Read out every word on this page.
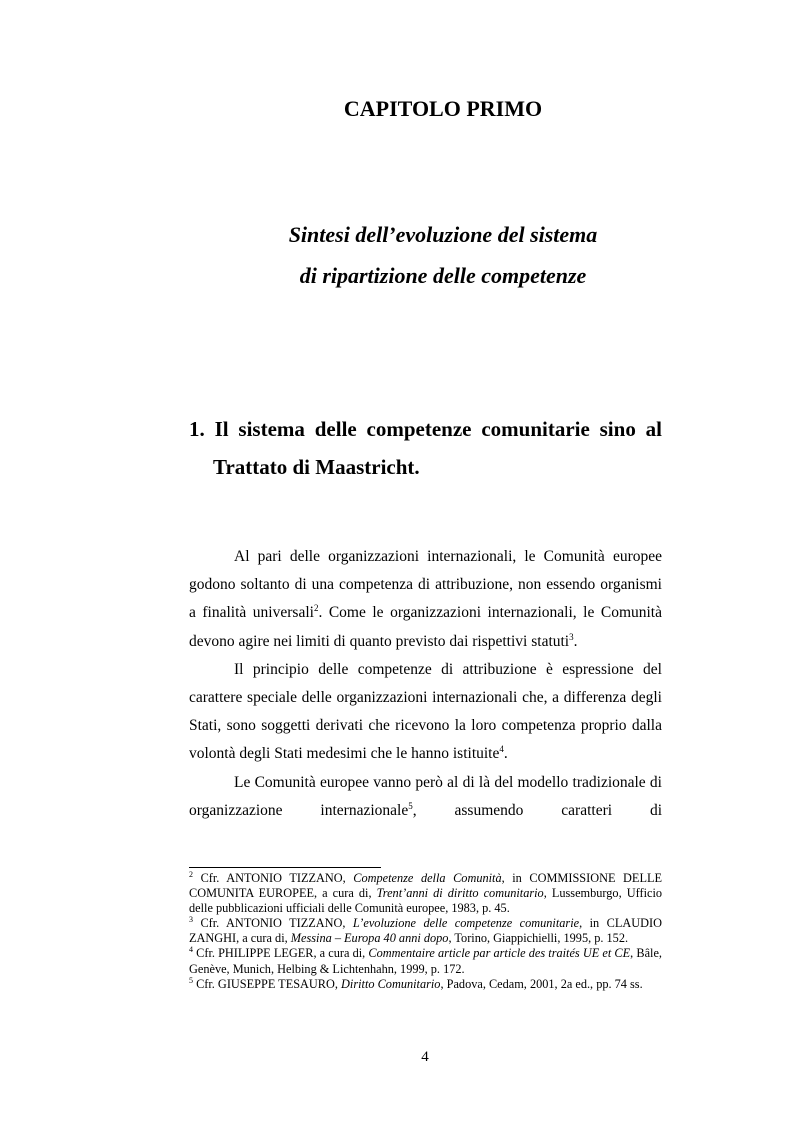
CAPITOLO PRIMO
Sintesi dell’evoluzione del sistema
di ripartizione delle competenze
1. Il sistema delle competenze comunitarie sino al
Trattato di Maastricht.

Al pari delle organizzazioni internazionali, le Comunità europee godono soltanto di una competenza di attribuzione, non essendo organismi a finalità universali$^2$. Come le organizzazioni internazionali, le Comunità devono agire nei limiti di quanto previsto dai rispettivi statuti$^3$.

Il principio delle competenze di attribuzione è espressione del carattere speciale delle organizzazioni internazionali che, a differenza degli Stati, sono soggetti derivati che ricevono la loro competenza proprio dalla volontà degli Stati medesimi che le hanno istituite$^4$.

Le Comunità europee vanno però al di là del modello tradizionale di organizzazione internazionale$^5$, assumendo caratteri di

$^2$ Cfr. ANTONIO TIZZANO, Competenze della Comunità, in COMMISSIONE DELLE COMUNITA EUROPEE, a cura di, Trent’anni di diritto comunitario, Lussemburgo, Ufficio delle pubblicazioni ufficiali delle Comunità europee, 1983, p. 45.

$^3$ Cfr. ANTONIO TIZZANO, L’evoluzione delle competenze comunitarie, in CLAUDIO ZANGHI, a cura di, Messina – Europa 40 anni dopo, Torino, Giappichielli, 1995, p. 152.

$^4$ Cfr. PHILIPPE LEGER, a cura di, Commentaire article par article des traités UE et CE, Bâle, Genève, Munich, Helbing & Lichtenhahn, 1999, p. 172.

$^5$ Cfr. GIUSEPPE TESAURO, Diritto Comunitario, Padova, Cedam, 2001, 2a ed., pp. 74 ss.

4
